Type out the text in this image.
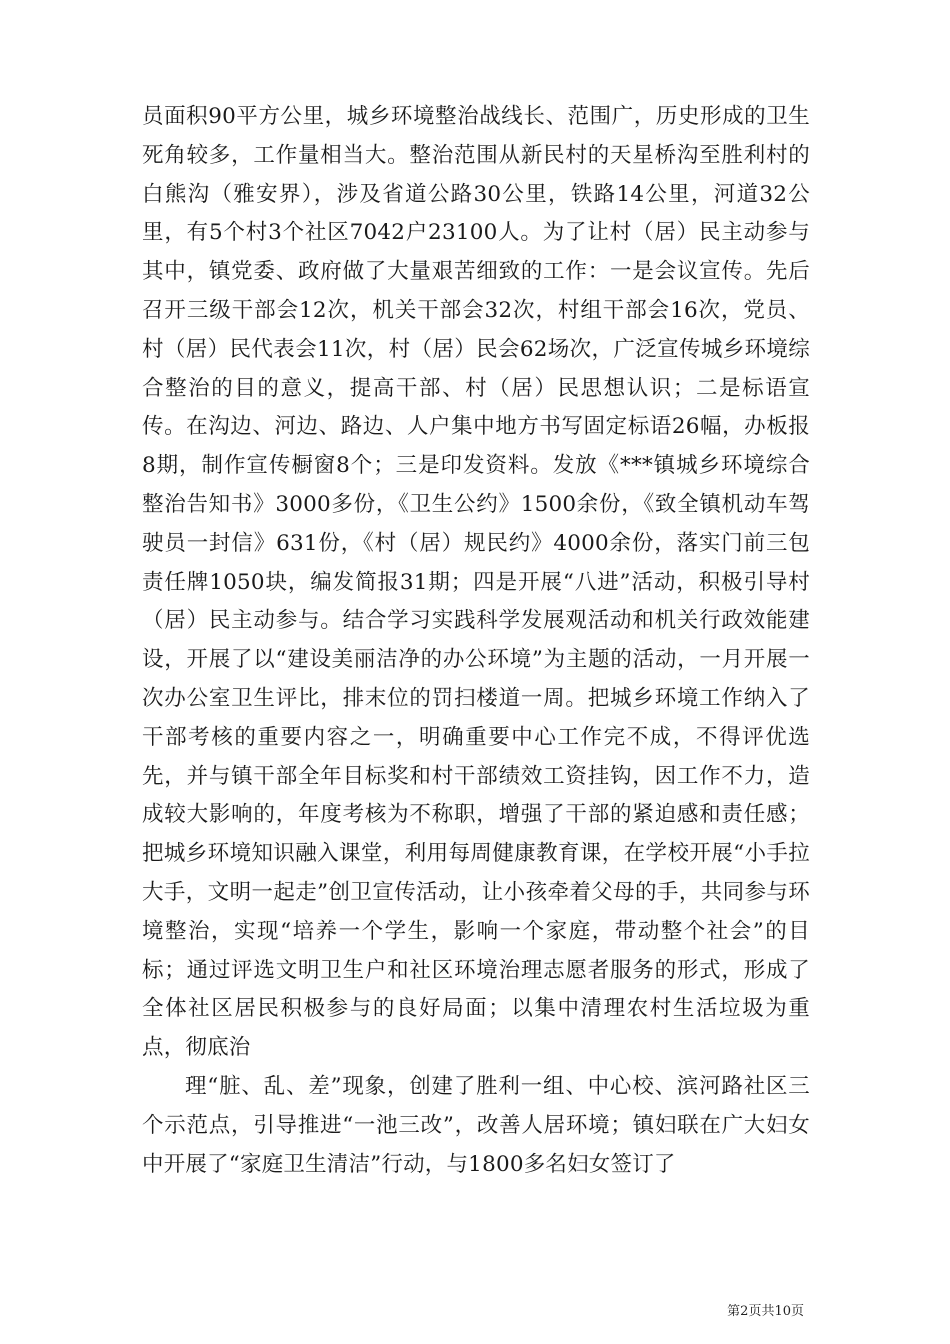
员面积90平方公里，城乡环境整治战线长、范围广，历史形成的卫生死角较多，工作量相当大。整治范围从新民村的天星桥沟至胜利村的白熊沟（雅安界），涉及省道公路30公里，铁路14公里，河道32公里，有5个村3个社区7042户23100人。为了让村（居）民主动参与其中，镇党委、政府做了大量艰苦细致的工作：一是会议宣传。先后召开三级干部会12次，机关干部会32次，村组干部会16次，党员、村（居）民代表会11次，村（居）民会62场次，广泛宣传城乡环境综合整治的目的意义，提高干部、村（居）民思想认识；二是标语宣传。在沟边、河边、路边、人户集中地方书写固定标语26幅，办板报8期，制作宣传橱窗8个；三是印发资料。发放《***镇城乡环境综合整治告知书》3000多份，《卫生公约》1500余份，《致全镇机动车驾驶员一封信》631份，《村（居）规民约》4000余份，落实门前三包责任牌1050块，编发简报31期；四是开展“八进”活动，积极引导村（居）民主动参与。结合学习实践科学发展观活动和机关行政效能建设，开展了以“建设美丽洁净的办公环境”为主题的活动，一月开展一次办公室卫生评比，排末位的罚扫楼道一周。把城乡环境工作纳入了干部考核的重要内容之一，明确重要中心工作完不成，不得评优选先，并与镇干部全年目标奖和村干部绩效工资挂钩，因工作不力，造成较大影响的，年度考核为不称职，增强了干部的紧迫感和责任感；把城乡环境知识融入课堂，利用每周健康教育课，在学校开展“小手拉大手，文明一起走”创卫宣传活动，让小孩牵着父母的手，共同参与环境整治，实现“培养一个学生，影响一个家庭，带动整个社会”的目标；通过评选文明卫生户和社区环境治理志愿者服务的形式，形成了全体社区居民积极参与的良好局面；以集中清理农村生活垃圾为重点，彻底治

理“脏、乱、差”现象，创建了胜利一组、中心校、滨河路社区三个示范点，引导推进“一池三改”，改善人居环境；镇妇联在广大妇女中开展了“家庭卫生清洁”行动，与1800多名妇女签订了

第2页共10页
